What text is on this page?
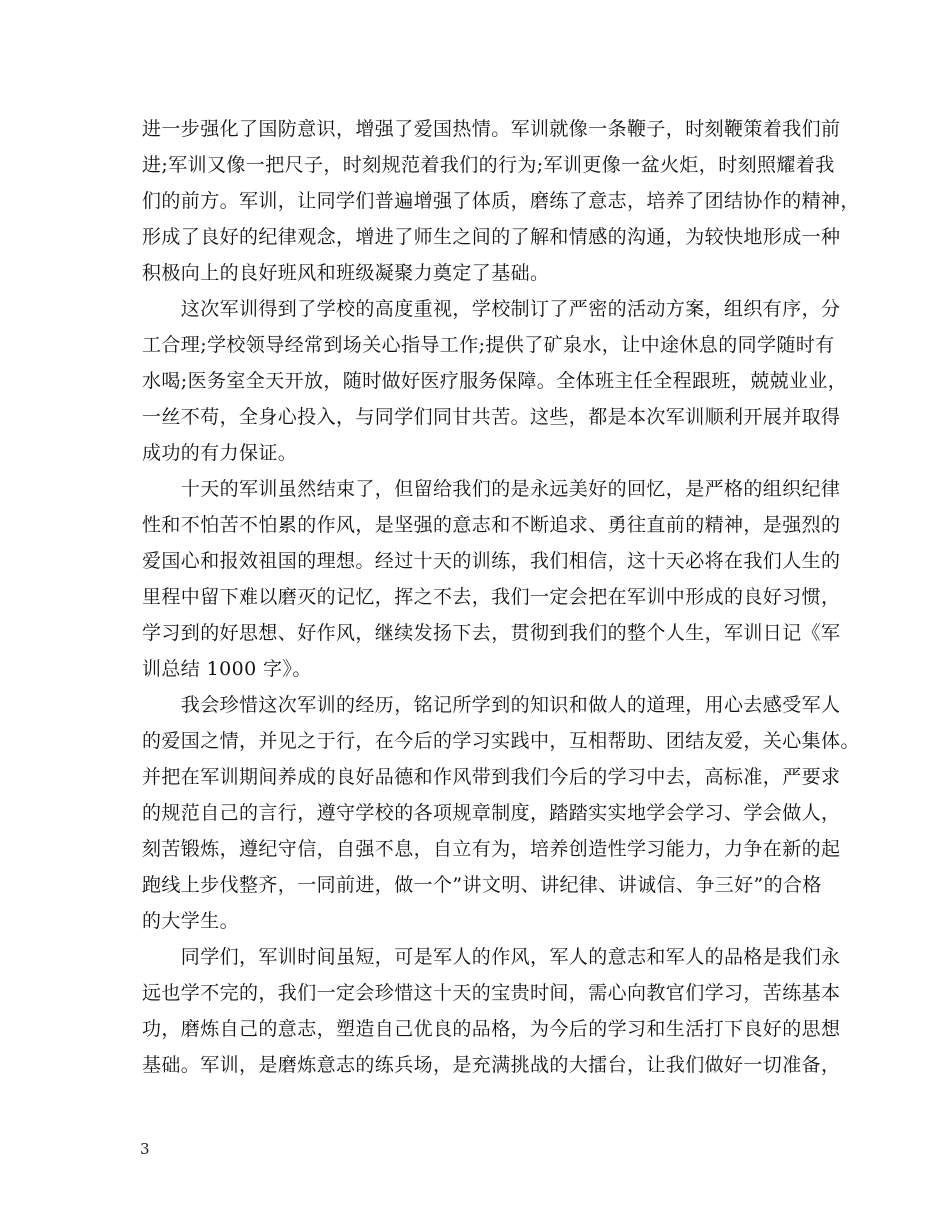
进一步强化了国防意识，增强了爱国热情。军训就像一条鞭子，时刻鞭策着我们前
进;军训又像一把尺子，时刻规范着我们的行为;军训更像一盆火炬，时刻照耀着我
们的前方。军训，让同学们普遍增强了体质，磨练了意志，培养了团结协作的精神，
形成了良好的纪律观念，增进了师生之间的了解和情感的沟通，为较快地形成一种
积极向上的良好班风和班级凝聚力奠定了基础。
　　这次军训得到了学校的高度重视，学校制订了严密的活动方案，组织有序，分
工合理;学校领导经常到场关心指导工作;提供了矿泉水，让中途休息的同学随时有
水喝;医务室全天开放，随时做好医疗服务保障。全体班主任全程跟班，兢兢业业，
一丝不苟，全身心投入，与同学们同甘共苦。这些，都是本次军训顺利开展并取得
成功的有力保证。
　　十天的军训虽然结束了，但留给我们的是永远美好的回忆，是严格的组织纪律
性和不怕苦不怕累的作风，是坚强的意志和不断追求、勇往直前的精神，是强烈的
爱国心和报效祖国的理想。经过十天的训练，我们相信，这十天必将在我们人生的
里程中留下难以磨灭的记忆，挥之不去，我们一定会把在军训中形成的良好习惯，
学习到的好思想、好作风，继续发扬下去，贯彻到我们的整个人生，军训日记《军
训总结 1000 字》。
　　我会珍惜这次军训的经历，铭记所学到的知识和做人的道理，用心去感受军人
的爱国之情，并见之于行，在今后的学习实践中，互相帮助、团结友爱，关心集体。
并把在军训期间养成的良好品德和作风带到我们今后的学习中去，高标准，严要求
的规范自己的言行，遵守学校的各项规章制度，踏踏实实地学会学习、学会做人，
刻苦锻炼，遵纪守信，自强不息，自立有为，培养创造性学习能力，力争在新的起
跑线上步伐整齐，一同前进，做一个”讲文明、讲纪律、讲诚信、争三好”的合格
的大学生。
　　同学们，军训时间虽短，可是军人的作风，军人的意志和军人的品格是我们永
远也学不完的，我们一定会珍惜这十天的宝贵时间，需心向教官们学习，苦练基本
功，磨炼自己的意志，塑造自己优良的品格，为今后的学习和生活打下良好的思想
基础。军训，是磨炼意志的练兵场，是充满挑战的大擂台，让我们做好一切准备，
3
